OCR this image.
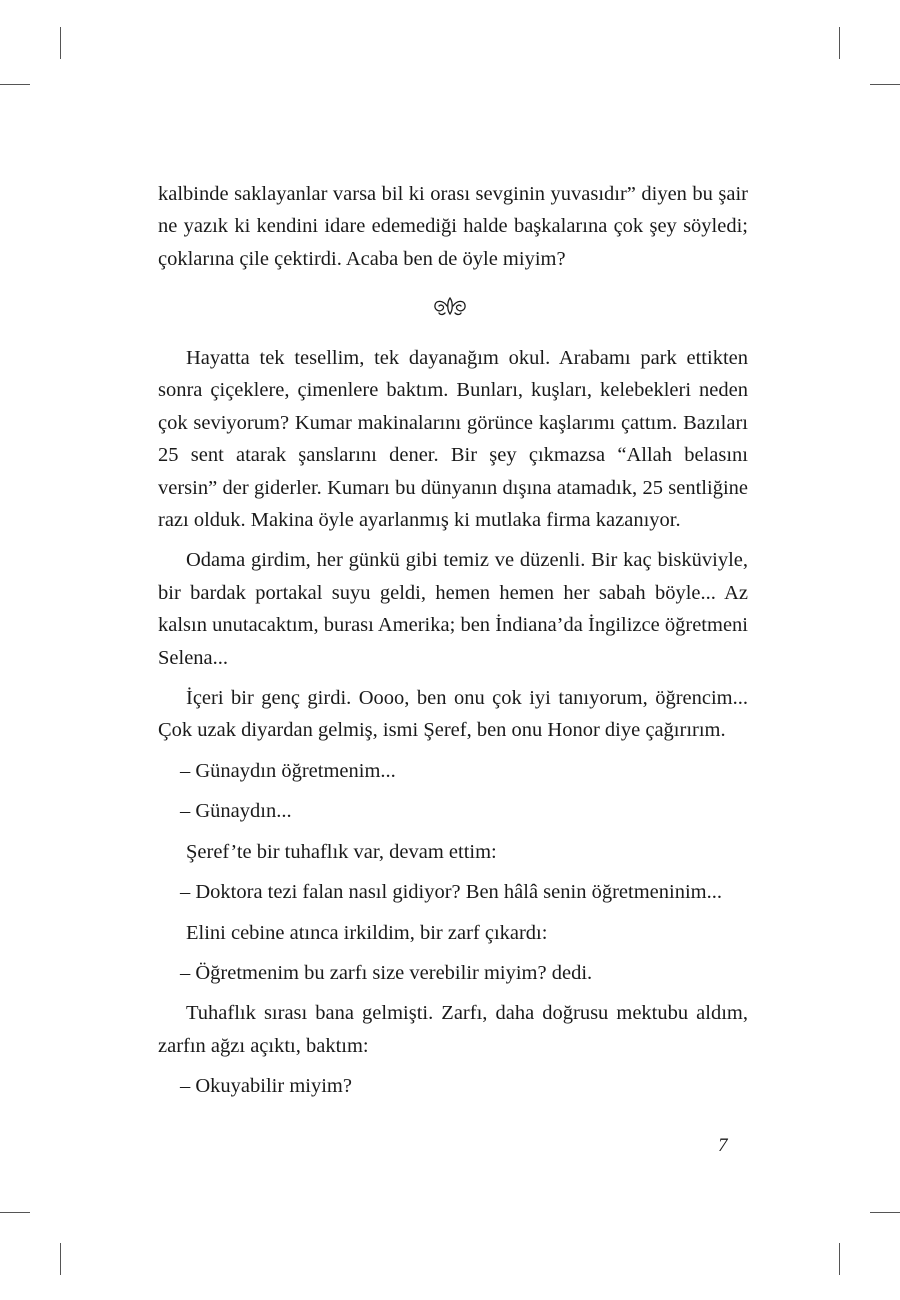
kalbinde saklayanlar varsa bil ki orası sevginin yuvasıdır” diyen bu şair ne yazık ki kendini idare edemediği halde başkalarına çok şey söyledi; çoklarına çile çektirdi. Acaba ben de öyle miyim?

Hayatta tek tesellim, tek dayanağım okul. Arabamı park ettikten sonra çiçeklere, çimenlere baktım. Bunları, kuşları, kelebekleri neden çok seviyorum? Kumar makinalarını görünce kaşlarımı çattım. Bazıları 25 sent atarak şanslarını dener. Bir şey çıkmazsa “Allah belasını versin” der giderler. Kumarı bu dünyanın dışına atamadık, 25 sentliğine razı olduk. Makina öyle ayarlanmış ki mutlaka firma kazanıyor.

Odama girdim, her günkü gibi temiz ve düzenli. Bir kaç bisküviyle, bir bardak portakal suyu geldi, hemen hemen her sabah böyle... Az kalsın unutacaktım, burası Amerika; ben İndiana’da İngilizce öğretmeni Selena...

İçeri bir genç girdi. Oooo, ben onu çok iyi tanıyorum, öğrencim... Çok uzak diyardan gelmiş, ismi Şeref, ben onu Honor diye çağırırım.

– Günaydın öğretmenim...

– Günaydın...

Şeref’te bir tuhaflık var, devam ettim:

– Doktora tezi falan nasıl gidiyor? Ben hâlâ senin öğretmeninim...

Elini cebine atınca irkildim, bir zarf çıkardı:

– Öğretmenim bu zarfı size verebilir miyim? dedi.

Tuhaflık sırası bana gelmişti. Zarfı, daha doğrusu mektubu aldım, zarfın ağzı açıktı, baktım:

– Okuyabilir miyim?

7
